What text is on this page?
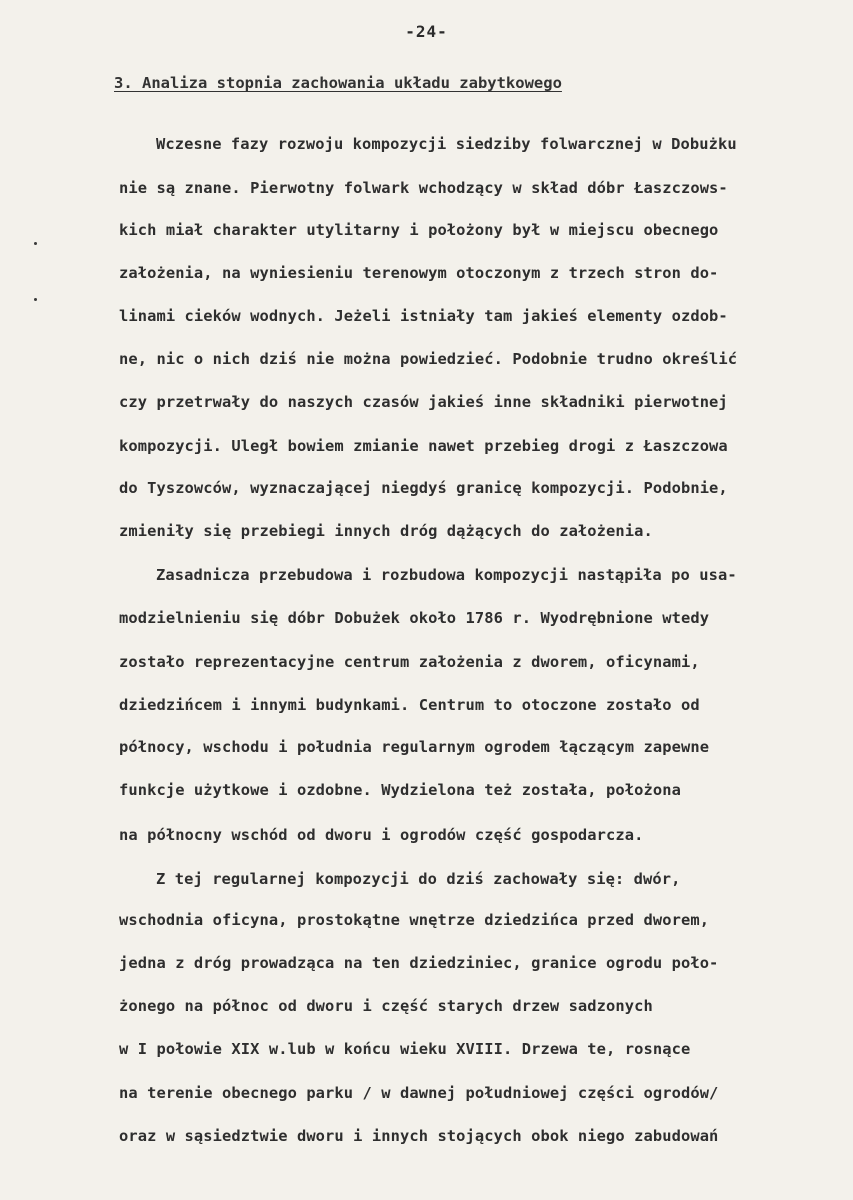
-24-
3. Analiza stopnia zachowania układu zabytkowego
Wczesne fazy rozwoju kompozycji siedziby folwarcznej w Dobużku
nie są znane. Pierwotny folwark wchodzący w skład dóbr Łaszczows-
kich miał charakter utylitarny i położony był w miejscu obecnego
założenia, na wyniesieniu terenowym otoczonym z trzech stron do-
linami cieków wodnych. Jeżeli istniały tam jakieś elementy ozdob-
ne, nic o nich dziś nie można powiedzieć. Podobnie trudno określić
czy przetrwały do naszych czasów jakieś inne składniki pierwotnej
kompozycji. Uległ bowiem zmianie nawet przebieg drogi z Łaszczowa
do Tyszowców, wyznaczającej niegdyś granicę kompozycji. Podobnie,
zmieniły się przebiegi innych dróg dążących do założenia.
Zasadnicza przebudowa i rozbudowa kompozycji nastąpiła po usa-
modzielnieniu się dóbr Dobużek około 1786 r. Wyodrębnione wtedy
zostało reprezentacyjne centrum założenia z dworem, oficynami,
dziedzińcem i innymi budynkami. Centrum to otoczone zostało od
północy, wschodu i południa regularnym ogrodem łączącym zapewne
funkcje użytkowe i ozdobne. Wydzielona też została, położona
na północny wschód od dworu i ogrodów część gospodarcza.
Z tej regularnej kompozycji do dziś zachowały się: dwór,
wschodnia oficyna, prostokątne wnętrze dziedzińca przed dworem,
jedna z dróg prowadząca na ten dziedziniec, granice ogrodu poło-
żonego na północ od dworu i część starych drzew sadzonych
w I połowie XIX w.lub w końcu wieku XVIII. Drzewa te, rosnące
na terenie obecnego parku / w dawnej południowej części ogrodów/
oraz w sąsiedztwie dworu i innych stojących obok niego zabudowań
